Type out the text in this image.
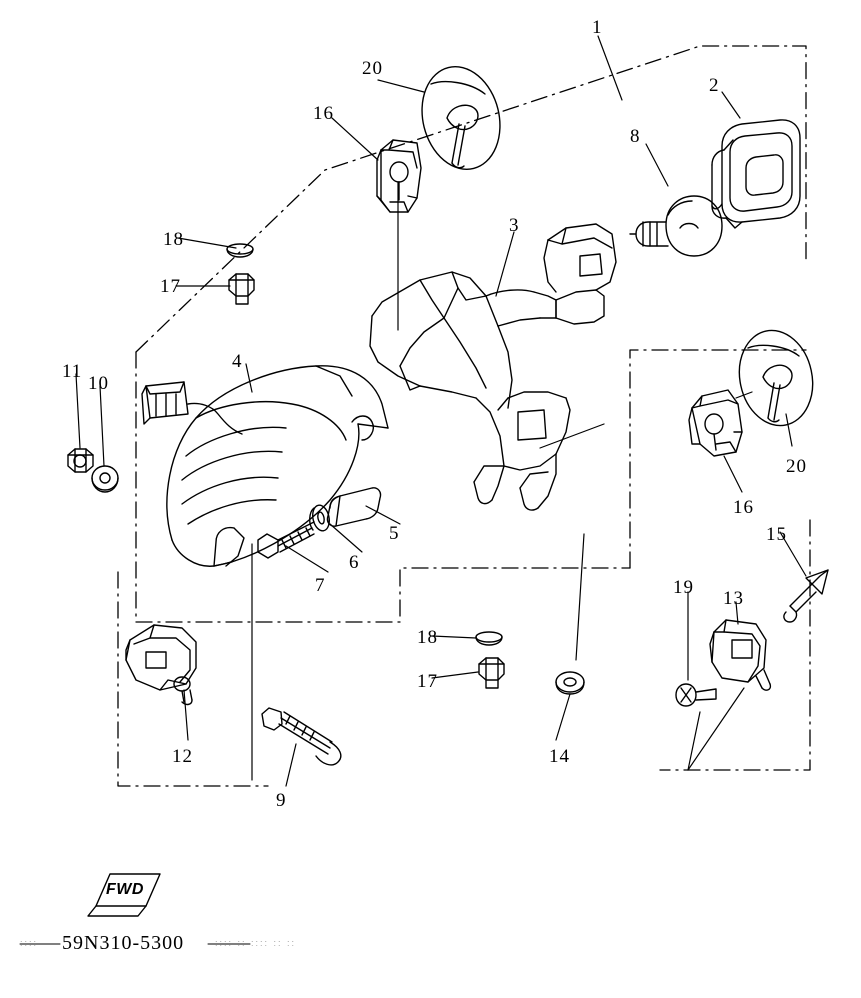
1
2
3
4
5
6
7
8
9
10
11
12
13
14
15
16
16
17
17
18
18
19
20
20
FWD
59N310-5300
::::	:::: :: :::: :: ::
